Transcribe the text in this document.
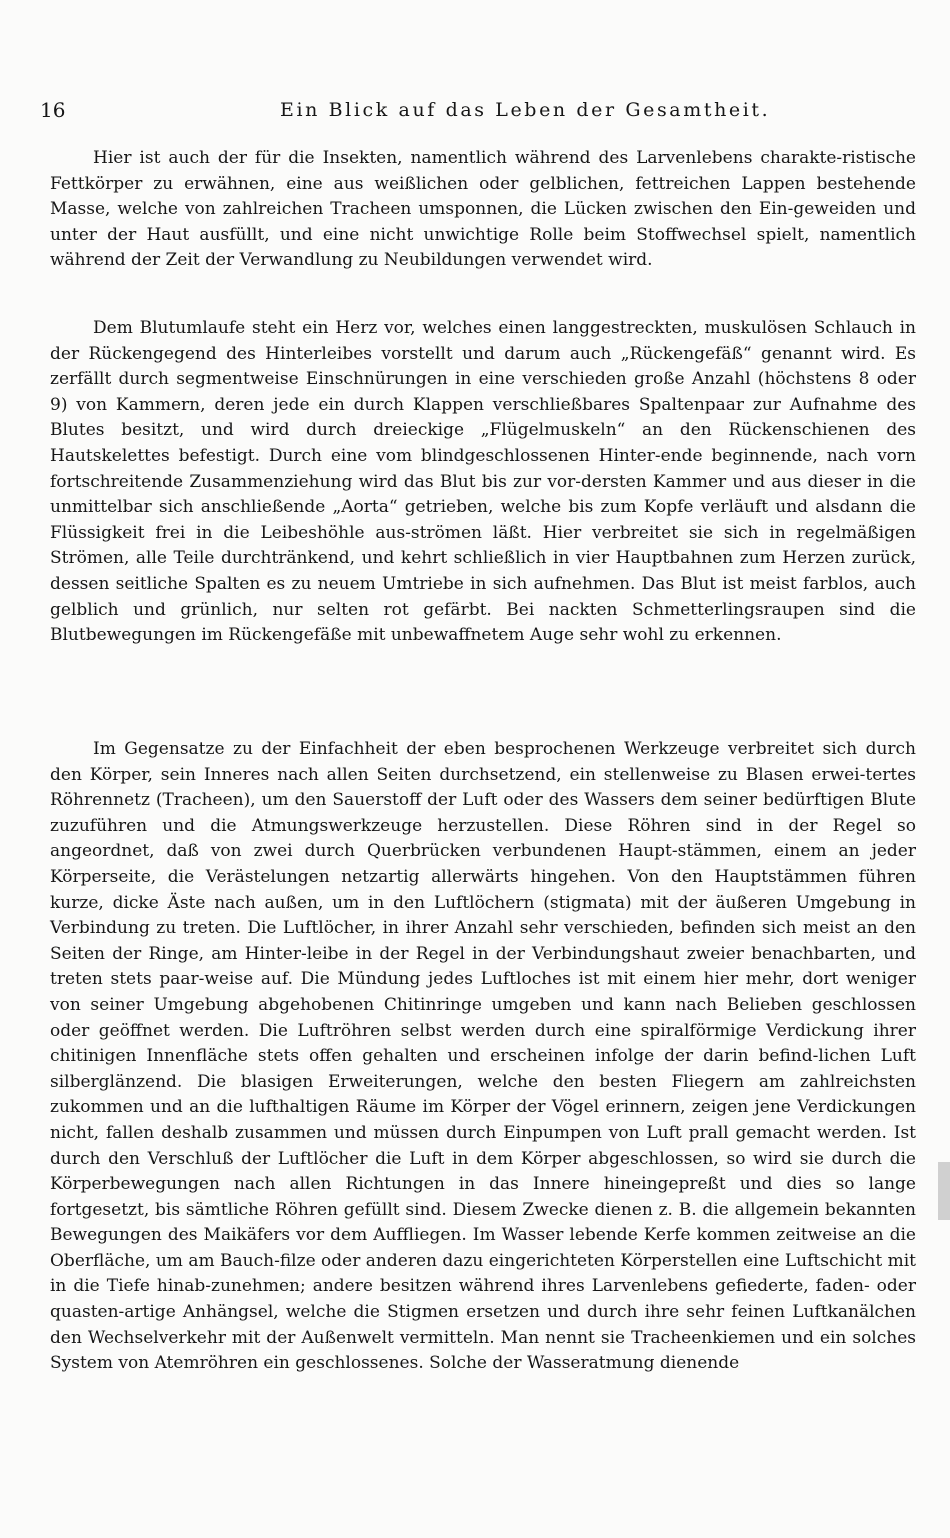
16	Ein Blick auf das Leben der Gesamtheit.

Hier ist auch der für die Insekten, namentlich während des Larvenlebens charakte-ristische Fettkörper zu erwähnen, eine aus weißlichen oder gelblichen, fettreichen Lappen bestehende Masse, welche von zahlreichen Tracheen umsponnen, die Lücken zwischen den Ein-geweiden und unter der Haut ausfüllt, und eine nicht unwichtige Rolle beim Stoffwechsel spielt, namentlich während der Zeit der Verwandlung zu Neubildungen verwendet wird.

Dem Blutumlaufe steht ein Herz vor, welches einen langgestreckten, muskulösen Schlauch in der Rückengegend des Hinterleibes vorstellt und darum auch „Rückengefäß“ genannt wird. Es zerfällt durch segmentweise Einschnürungen in eine verschieden große Anzahl (höchstens 8 oder 9) von Kammern, deren jede ein durch Klappen verschließbares Spaltenpaar zur Aufnahme des Blutes besitzt, und wird durch dreieckige „Flügelmuskeln“ an den Rückenschienen des Hautskelettes befestigt. Durch eine vom blindgeschlossenen Hinter-ende beginnende, nach vorn fortschreitende Zusammenziehung wird das Blut bis zur vor-dersten Kammer und aus dieser in die unmittelbar sich anschließende „Aorta“ getrieben, welche bis zum Kopfe verläuft und alsdann die Flüssigkeit frei in die Leibeshöhle aus-strömen läßt. Hier verbreitet sie sich in regelmäßigen Strömen, alle Teile durchtränkend, und kehrt schließlich in vier Hauptbahnen zum Herzen zurück, dessen seitliche Spalten es zu neuem Umtriebe in sich aufnehmen. Das Blut ist meist farblos, auch gelblich und grünlich, nur selten rot gefärbt. Bei nackten Schmetterlingsraupen sind die Blutbewegungen im Rückengefäße mit unbewaffnetem Auge sehr wohl zu erkennen.

Im Gegensatze zu der Einfachheit der eben besprochenen Werkzeuge verbreitet sich durch den Körper, sein Inneres nach allen Seiten durchsetzend, ein stellenweise zu Blasen erwei-tertes Röhrennetz (Tracheen), um den Sauerstoff der Luft oder des Wassers dem seiner bedürftigen Blute zuzuführen und die Atmungswerkzeuge herzustellen. Diese Röhren sind in der Regel so angeordnet, daß von zwei durch Querbrücken verbundenen Haupt-stämmen, einem an jeder Körperseite, die Verästelungen netzartig allerwärts hingehen. Von den Hauptstämmen führen kurze, dicke Äste nach außen, um in den Luftlöchern (stigmata) mit der äußeren Umgebung in Verbindung zu treten. Die Luftlöcher, in ihrer Anzahl sehr verschieden, befinden sich meist an den Seiten der Ringe, am Hinter-leibe in der Regel in der Verbindungshaut zweier benachbarten, und treten stets paar-weise auf. Die Mündung jedes Luftloches ist mit einem hier mehr, dort weniger von seiner Umgebung abgehobenen Chitinringe umgeben und kann nach Belieben geschlossen oder geöffnet werden. Die Luftröhren selbst werden durch eine spiralförmige Verdickung ihrer chitinigen Innenfläche stets offen gehalten und erscheinen infolge der darin befind-lichen Luft silberglänzend. Die blasigen Erweiterungen, welche den besten Fliegern am zahlreichsten zukommen und an die lufthaltigen Räume im Körper der Vögel erinnern, zeigen jene Verdickungen nicht, fallen deshalb zusammen und müssen durch Einpumpen von Luft prall gemacht werden. Ist durch den Verschluß der Luftlöcher die Luft in dem Körper abgeschlossen, so wird sie durch die Körperbewegungen nach allen Richtungen in das Innere hineingepreßt und dies so lange fortgesetzt, bis sämtliche Röhren gefüllt sind. Diesem Zwecke dienen z. B. die allgemein bekannten Bewegungen des Maikäfers vor dem Auffliegen. Im Wasser lebende Kerfe kommen zeitweise an die Oberfläche, um am Bauch-filze oder anderen dazu eingerichteten Körperstellen eine Luftschicht mit in die Tiefe hinab-zunehmen; andere besitzen während ihres Larvenlebens gefiederte, faden- oder quasten-artige Anhängsel, welche die Stigmen ersetzen und durch ihre sehr feinen Luftkanälchen den Wechselverkehr mit der Außenwelt vermitteln. Man nennt sie Tracheenkiemen und ein solches System von Atemröhren ein geschlossenes. Solche der Wasseratmung dienende
